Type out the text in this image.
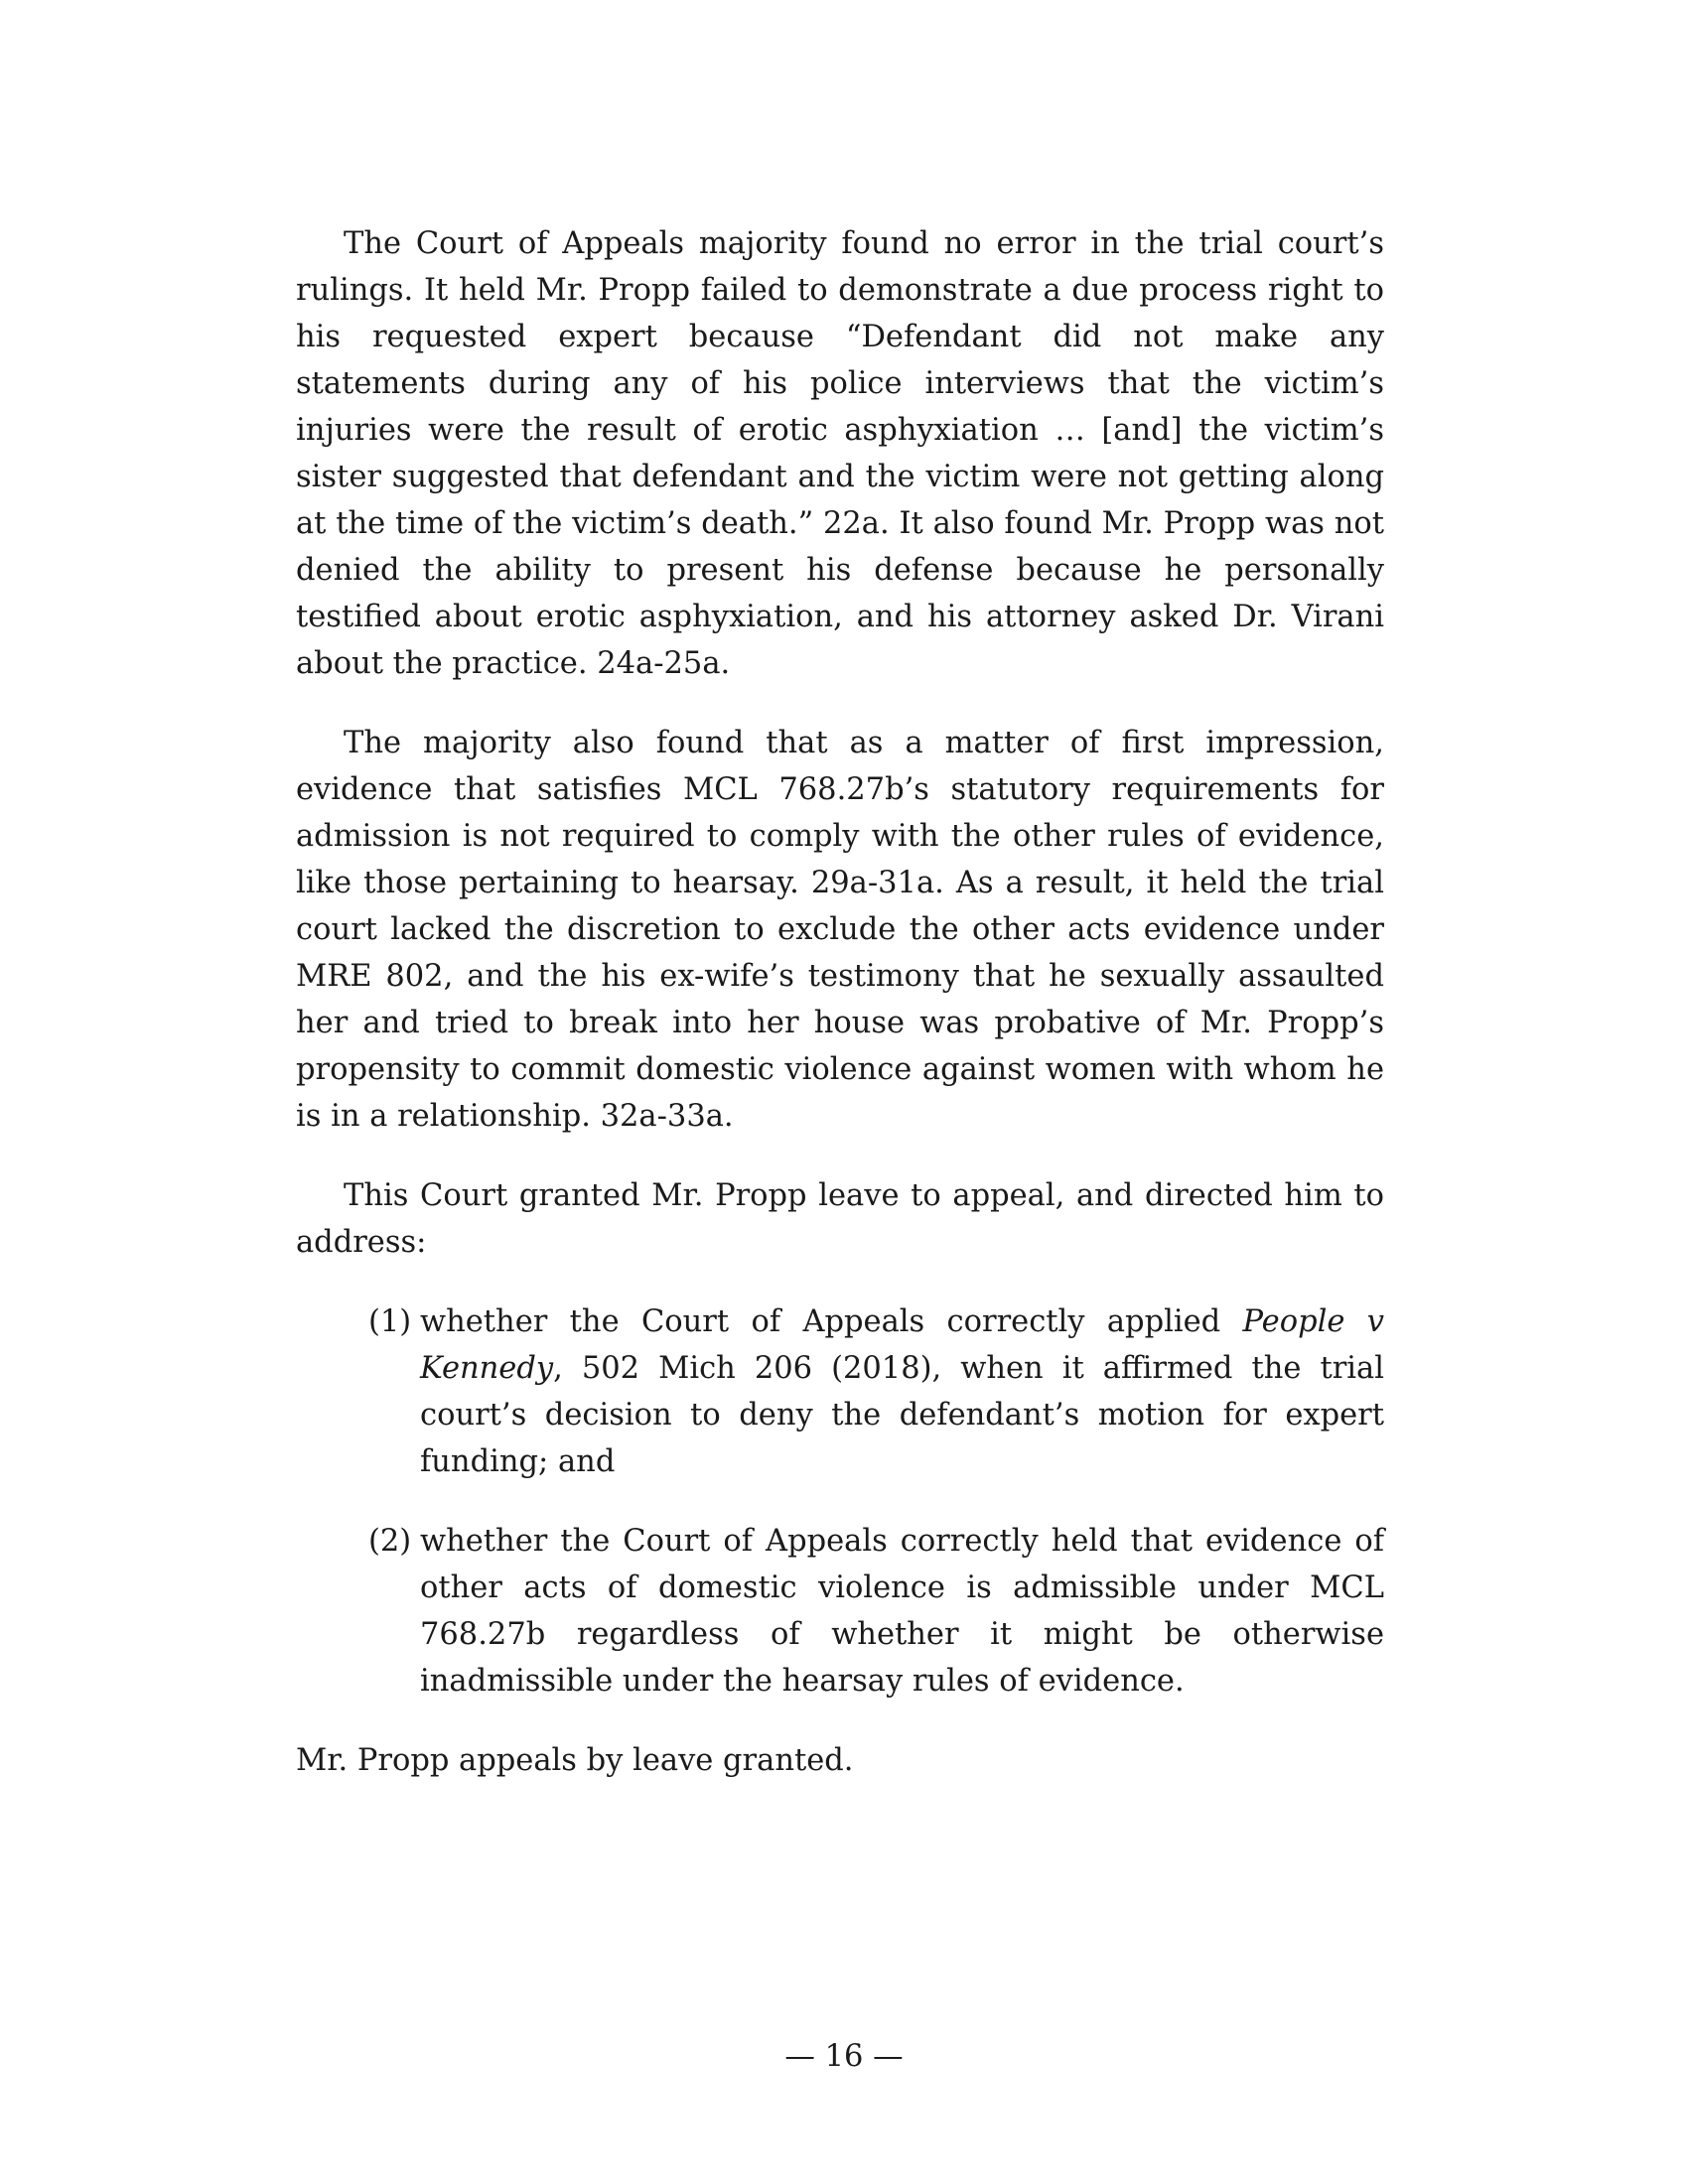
The Court of Appeals majority found no error in the trial court’s rulings. It held Mr. Propp failed to demonstrate a due process right to his requested expert because “Defendant did not make any statements during any of his police interviews that the victim’s injuries were the result of erotic asphyxiation … [and] the victim’s sister suggested that defendant and the victim were not getting along at the time of the victim’s death.” 22a. It also found Mr. Propp was not denied the ability to present his defense because he personally testified about erotic asphyxiation, and his attorney asked Dr. Virani about the practice. 24a-25a.

The majority also found that as a matter of first impression, evidence that satisfies MCL 768.27b’s statutory requirements for admission is not required to comply with the other rules of evidence, like those pertaining to hearsay. 29a-31a. As a result, it held the trial court lacked the discretion to exclude the other acts evidence under MRE 802, and the his ex-wife’s testimony that he sexually assaulted her and tried to break into her house was probative of Mr. Propp’s propensity to commit domestic violence against women with whom he is in a relationship. 32a-33a.

This Court granted Mr. Propp leave to appeal, and directed him to address:

(1) whether the Court of Appeals correctly applied People v Kennedy, 502 Mich 206 (2018), when it affirmed the trial court’s decision to deny the defendant’s motion for expert funding; and
(2) whether the Court of Appeals correctly held that evidence of other acts of domestic violence is admissible under MCL 768.27b regardless of whether it might be otherwise inadmissible under the hearsay rules of evidence.

Mr. Propp appeals by leave granted.

— 16 —
